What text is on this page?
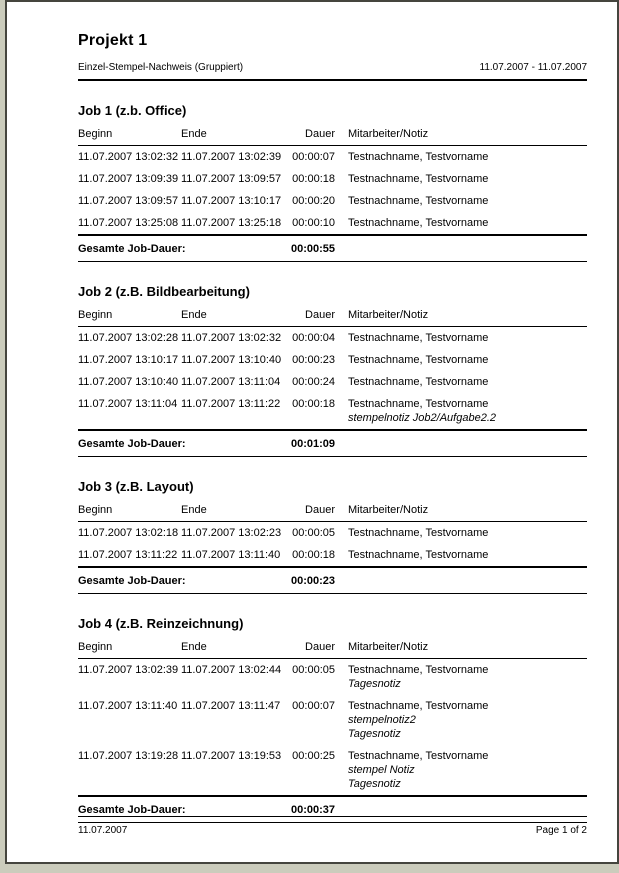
Projekt 1
Einzel-Stempel-Nachweis (Gruppiert)	11.07.2007 - 11.07.2007
Job 1 (z.b. Office)
Beginn	Ende	Dauer	Mitarbeiter/Notiz
11.07.2007 13:02:32	11.07.2007 13:02:39	00:00:07	Testnachname, Testvorname

11.07.2007 13:09:39	11.07.2007 13:09:57	00:00:18	Testnachname, Testvorname

11.07.2007 13:09:57	11.07.2007 13:10:17	00:00:20	Testnachname, Testvorname

11.07.2007 13:25:08	11.07.2007 13:25:18	00:00:10	Testnachname, Testvorname

Gesamte Job-Dauer:		00:00:55	
Job 2 (z.B. Bildbearbeitung)
Beginn	Ende	Dauer	Mitarbeiter/Notiz
11.07.2007 13:02:28	11.07.2007 13:02:32	00:00:04	Testnachname, Testvorname

11.07.2007 13:10:17	11.07.2007 13:10:40	00:00:23	Testnachname, Testvorname

11.07.2007 13:10:40	11.07.2007 13:11:04	00:00:24	Testnachname, Testvorname

11.07.2007 13:11:04	11.07.2007 13:11:22	00:00:18	Testnachname, Testvorname
stempelnotiz Job2/Aufgabe2.2

Gesamte Job-Dauer:		00:01:09	
Job 3 (z.B. Layout)
Beginn	Ende	Dauer	Mitarbeiter/Notiz
11.07.2007 13:02:18	11.07.2007 13:02:23	00:00:05	Testnachname, Testvorname

11.07.2007 13:11:22	11.07.2007 13:11:40	00:00:18	Testnachname, Testvorname

Gesamte Job-Dauer:		00:00:23	
Job 4 (z.B. Reinzeichnung)
Beginn	Ende	Dauer	Mitarbeiter/Notiz
11.07.2007 13:02:39	11.07.2007 13:02:44	00:00:05	Testnachname, Testvorname
Tagesnotiz

11.07.2007 13:11:40	11.07.2007 13:11:47	00:00:07	Testnachname, Testvorname
stempelnotiz2
Tagesnotiz

11.07.2007 13:19:28	11.07.2007 13:19:53	00:00:25	Testnachname, Testvorname
stempel Notiz
Tagesnotiz

Gesamte Job-Dauer:		00:00:37	
11.07.2007	Page 1 of 2
